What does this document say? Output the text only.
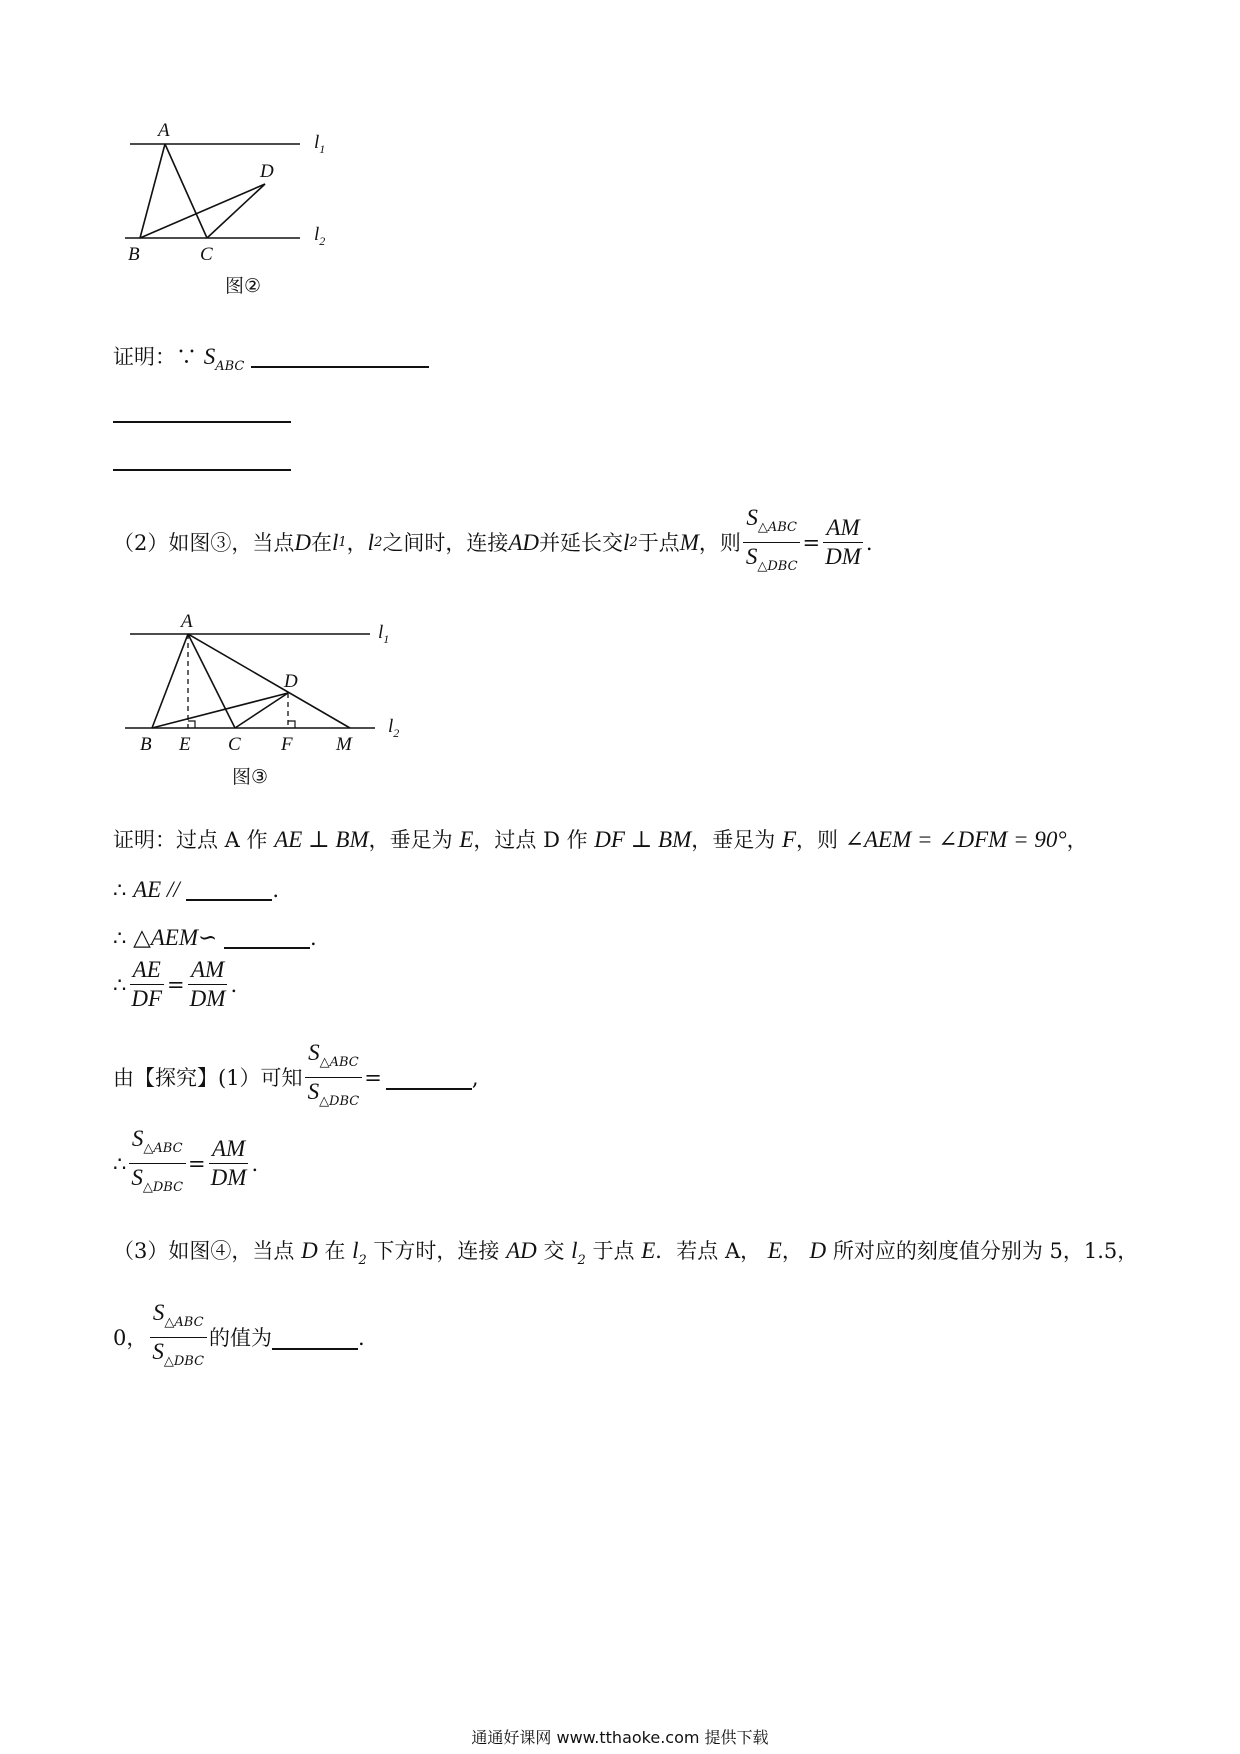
A
B	C
D
$l_1$
$l_2$
图②
证明：∵ $S_{ABC}$
（2）如图③，当点 D 在 l 1 ， l 2 之间时，连接 AD 并延长交 l 2 于点 M ，则 $\frac{S_{\triangle ABC}}{S_{\triangle DBC}} = \frac{AM}{DM}$ .
A
B E C F
D
M
$l_1$
$l_2$
图③
证明：过点 A 作 AE ⊥ BM，垂足为 E，过点 D 作 DF ⊥ BM，垂足为 F，则 ∠AEM = ∠DFM = 90°，
∴ AE //	.
∴ △AEM∽	.
∴ $\frac{AE}{DF} = \frac{AM}{DM}$ .
由【探究】(1）可知 $\frac{S_{\triangle ABC}}{S_{\triangle DBC}}$ =	,
∴ $\frac{S_{\triangle ABC}}{S_{\triangle DBC}} = \frac{AM}{DM}$ .
（3）如图④，当点 D 在 $l_2$ 下方时，连接 AD 交 $l_2$ 于点 E．若点 A， E， D 所对应的刻度值分别为 5，1.5，
0， $\frac{S_{\triangle ABC}}{S_{\triangle DBC}}$ 的值为	.
通通好课网 www.tthaoke.com 提供下载
